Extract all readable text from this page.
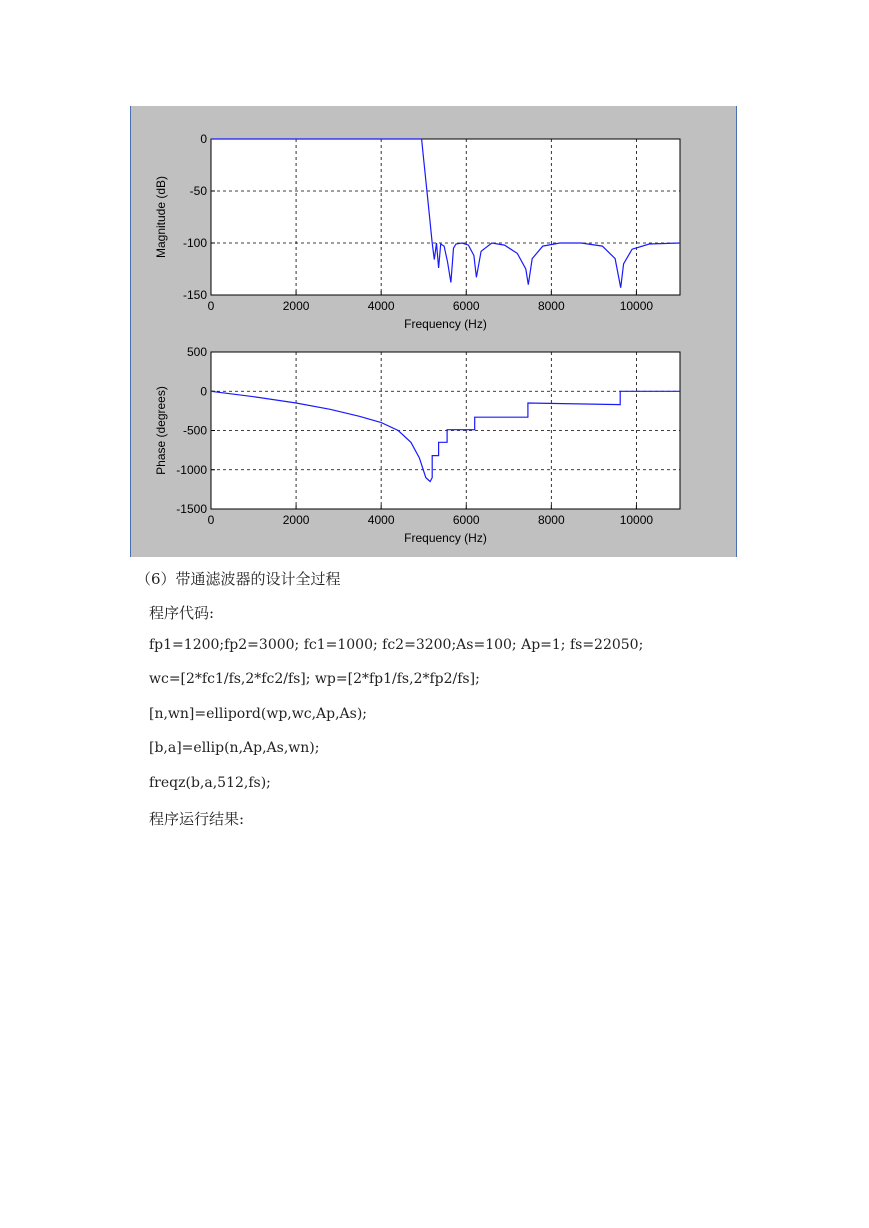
0	2000	4000	6000	8000	10000
0
-50
-100
-150
Frequency (Hz)
Magnitude (dB)
0	2000	4000	6000	8000	10000
500
0
-500
-1000
-1500
Frequency (Hz)
Phase (degrees)
（6）带通滤波器的设计全过程
程序代码:
fp1=1200;fp2=3000; fc1=1000; fc2=3200;As=100; Ap=1; fs=22050;
wc=[2*fc1/fs,2*fc2/fs]; wp=[2*fp1/fs,2*fp2/fs];
[n,wn]=ellipord(wp,wc,Ap,As);
[b,a]=ellip(n,Ap,As,wn);
freqz(b,a,512,fs);
程序运行结果:
